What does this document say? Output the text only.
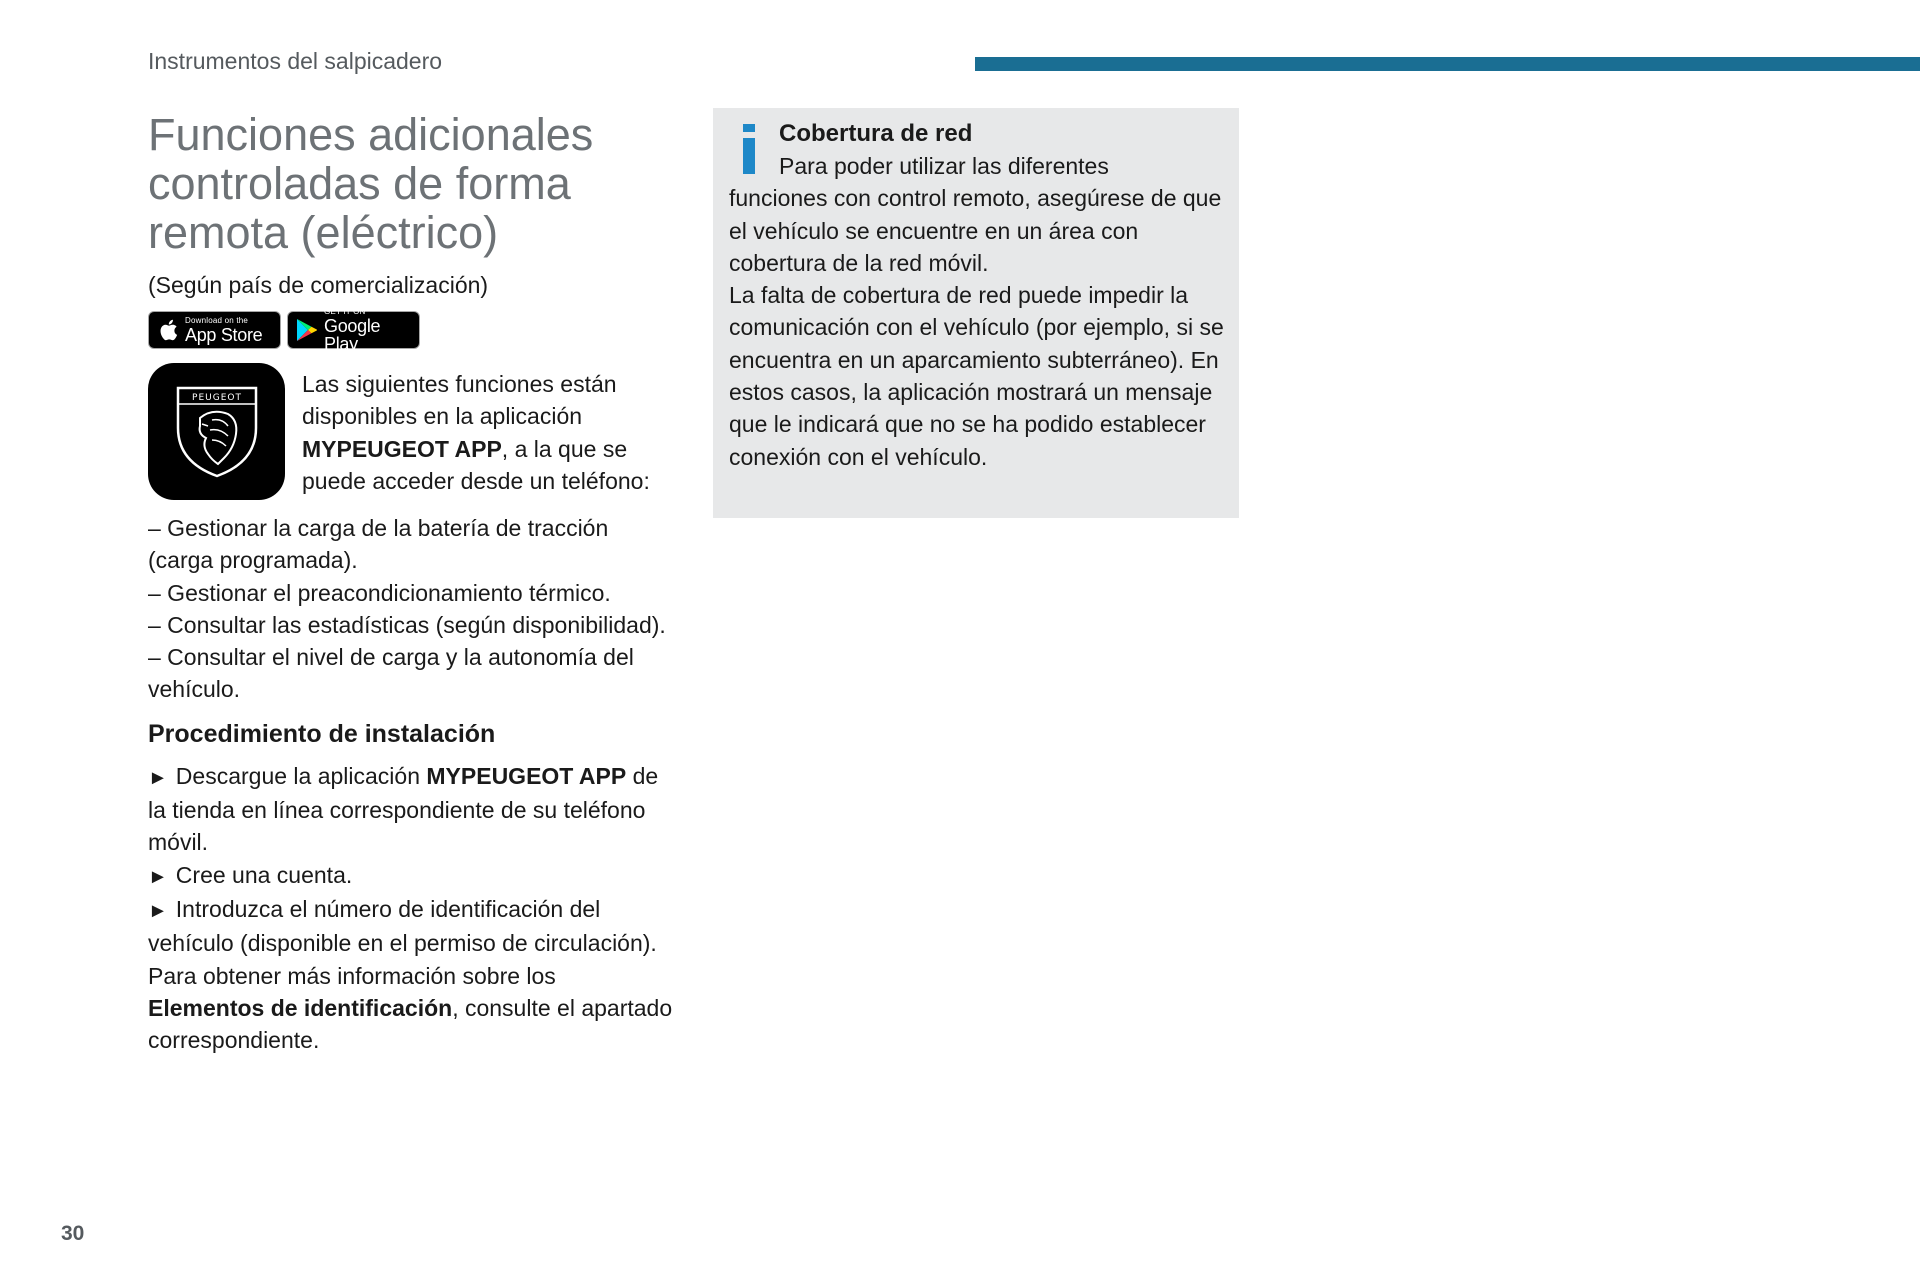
Instrumentos del salpicadero
Funciones adicionales
controladas de forma
remota (eléctrico)
(Según país de comercialización)
Download on the
App Store
GET IT ON
Google Play
PEUGEOT
Las siguientes funciones están disponibles en la aplicación MYPEUGEOT APP, a la que se puede acceder desde un teléfono:
– Gestionar la carga de la batería de tracción (carga programada).
– Gestionar el preacondicionamiento térmico.
– Consultar las estadísticas (según disponibilidad).
– Consultar el nivel de carga y la autonomía del vehículo.
Procedimiento de instalación
► Descargue la aplicación MYPEUGEOT APP de la tienda en línea correspondiente de su teléfono móvil.
► Cree una cuenta.
► Introduzca el número de identificación del vehículo (disponible en el permiso de circulación).
Para obtener más información sobre los Elementos de identificación, consulte el apartado correspondiente.
Cobertura de red
Para poder utilizar las diferentes
funciones con control remoto, asegúrese de que el vehículo se encuentre en un área con cobertura de la red móvil.
La falta de cobertura de red puede impedir la comunicación con el vehículo (por ejemplo, si se encuentra en un aparcamiento subterráneo). En estos casos, la aplicación mostrará un mensaje que le indicará que no se ha podido establecer conexión con el vehículo.
30
